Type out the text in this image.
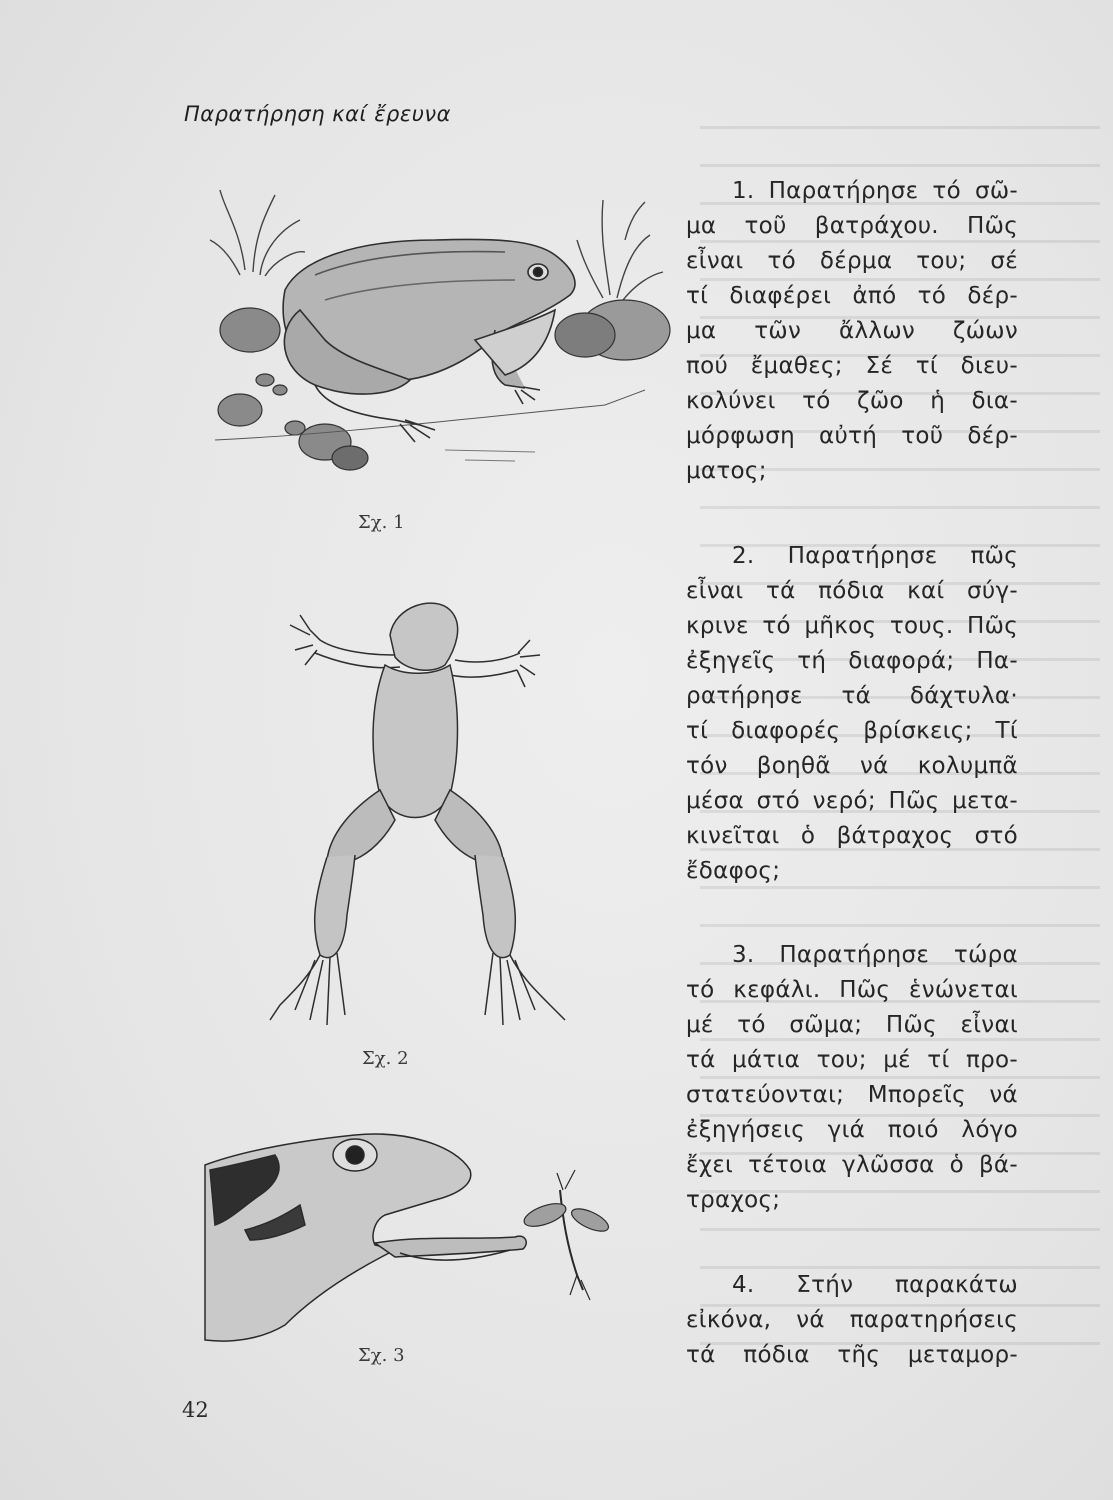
Παρατήρηση καί ἔρευνα
1. Παρατήρησε τό σῶ-
μα τοῦ βατράχου. Πῶς
εἶναι τό δέρμα του; σέ
τί διαφέρει ἀπό τό δέρ-
μα τῶν ἄλλων ζώων
πού ἔμαθες; Σέ τί διευ-
κολύνει τό ζῶο ἡ δια-
μόρφωση αὐτή τοῦ δέρ-
ματος;
2. Παρατήρησε πῶς
εἶναι τά πόδια καί σύγ-
κρινε τό μῆκος τους. Πῶς
ἐξηγεῖς τή διαφορά; Πα-
ρατήρησε τά δάχτυλα·
τί διαφορές βρίσκεις; Τί
τόν βοηθᾶ νά κολυμπᾶ
μέσα στό νερό; Πῶς μετα-
κινεῖται ὁ βάτραχος στό
ἔδαφος;
3. Παρατήρησε τώρα
τό κεφάλι. Πῶς ἑνώνεται
μέ τό σῶμα; Πῶς εἶναι
τά μάτια του; μέ τί προ-
στατεύονται; Μπορεῖς νά
ἐξηγήσεις γιά ποιό λόγο
ἔχει τέτοια γλῶσσα ὁ βά-
τραχος;
4. Στήν παρακάτω
εἰκόνα, νά παρατηρήσεις
τά πόδια τῆς μεταμορ-
Σχ. 1
Σχ. 2
Σχ. 3
42
